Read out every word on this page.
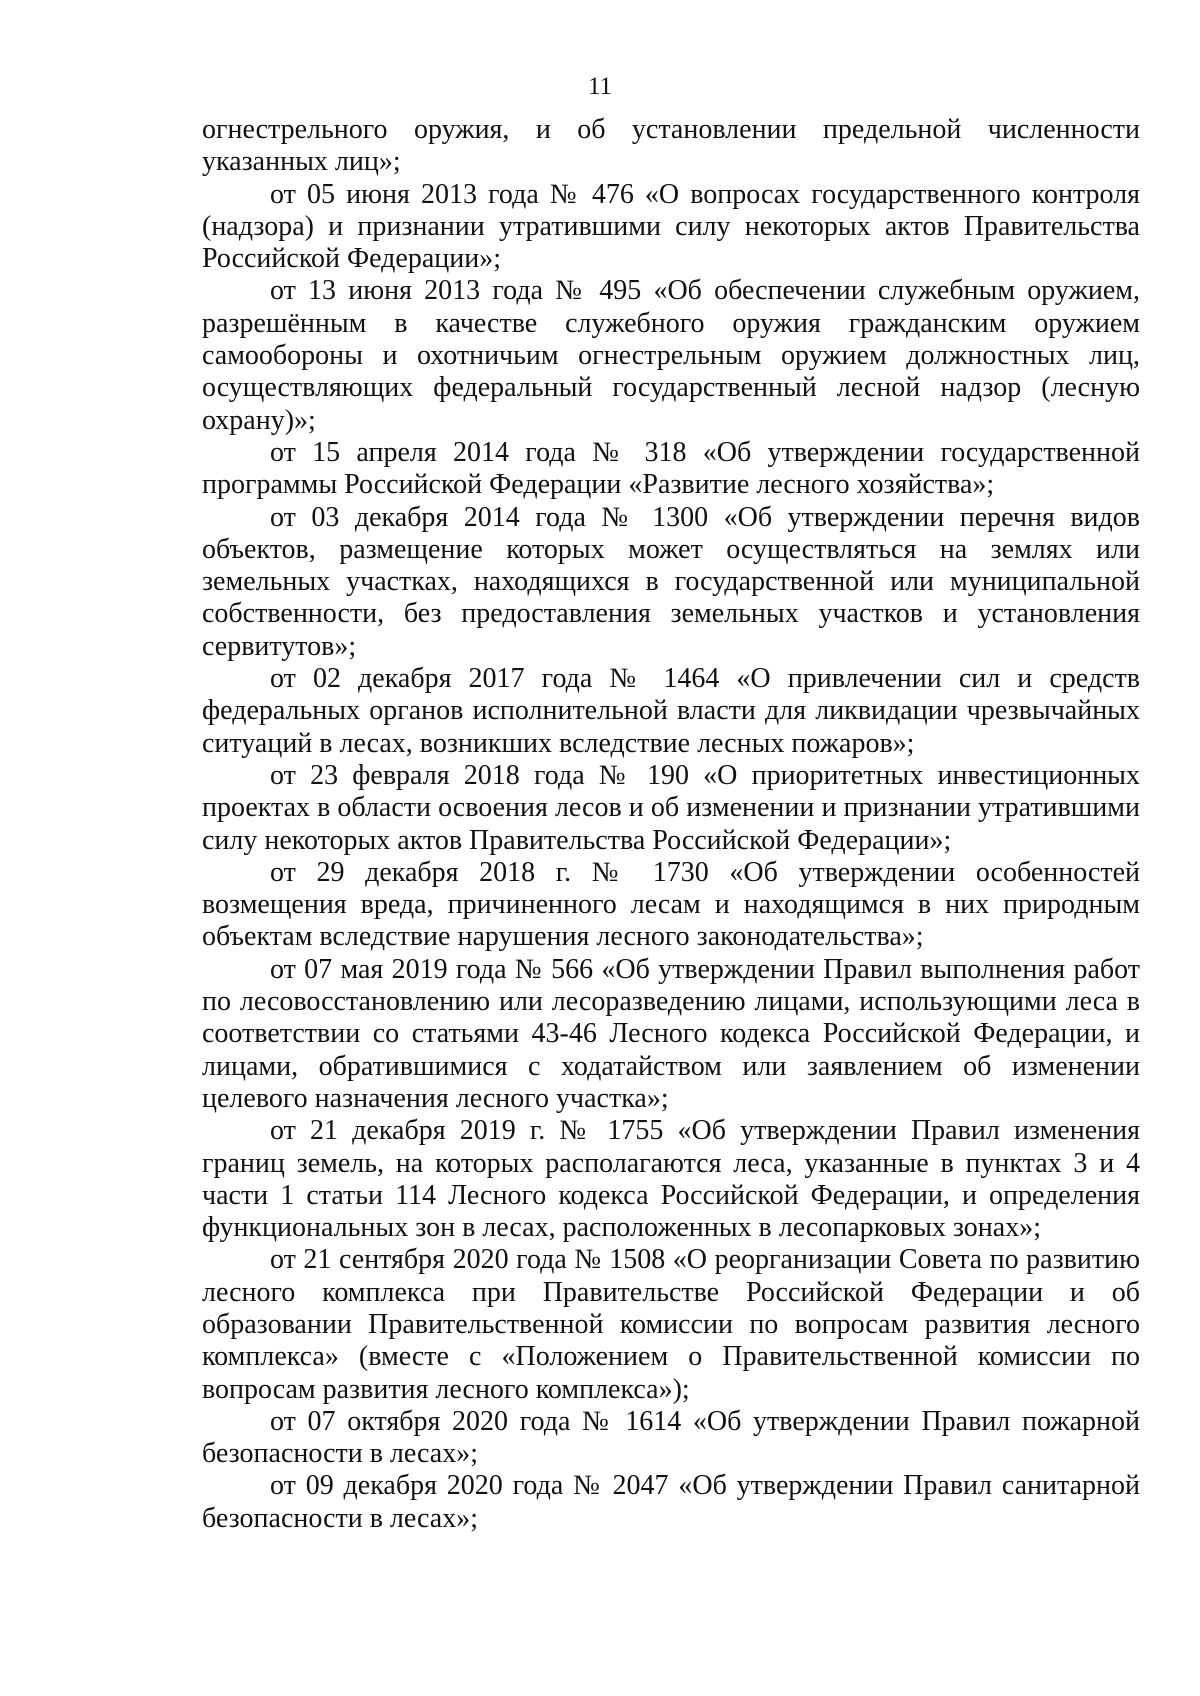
11

огнестрельного оружия, и об установлении предельной численности указанных лиц»;

от 05 июня 2013 года № 476 «О вопросах государственного контроля (надзора) и признании утратившими силу некоторых актов Правительства Российской Федерации»;

от 13 июня 2013 года № 495 «Об обеспечении служебным оружием, разрешённым в качестве служебного оружия гражданским оружием самообороны и охотничьим огнестрельным оружием должностных лиц, осуществляющих федеральный государственный лесной надзор (лесную охрану)»;

от 15 апреля 2014 года № 318 «Об утверждении государственной программы Российской Федерации «Развитие лесного хозяйства»;

от 03 декабря 2014 года № 1300 «Об утверждении перечня видов объектов, размещение которых может осуществляться на землях или земельных участках, находящихся в государственной или муниципальной собственности, без предоставления земельных участков и установления сервитутов»;

от 02 декабря 2017 года № 1464 «О привлечении сил и средств федеральных органов исполнительной власти для ликвидации чрезвычайных ситуаций в лесах, возникших вследствие лесных пожаров»;

от 23 февраля 2018 года № 190 «О приоритетных инвестиционных проектах в области освоения лесов и об изменении и признании утратившими силу некоторых актов Правительства Российской Федерации»;

от 29 декабря 2018 г. № 1730 «Об утверждении особенностей возмещения вреда, причиненного лесам и находящимся в них природным объектам вследствие нарушения лесного законодательства»;

от 07 мая 2019 года № 566 «Об утверждении Правил выполнения работ по лесовосстановлению или лесоразведению лицами, использующими леса в соответствии со статьями 43-46 Лесного кодекса Российской Федерации, и лицами, обратившимися с ходатайством или заявлением об изменении целевого назначения лесного участка»;

от 21 декабря 2019 г. № 1755 «Об утверждении Правил изменения границ земель, на которых располагаются леса, указанные в пунктах 3 и 4 части 1 статьи 114 Лесного кодекса Российской Федерации, и определения функциональных зон в лесах, расположенных в лесопарковых зонах»;

от 21 сентября 2020 года № 1508 «О реорганизации Совета по развитию лесного комплекса при Правительстве Российской Федерации и об образовании Правительственной комиссии по вопросам развития лесного комплекса» (вместе с «Положением о Правительственной комиссии по вопросам развития лесного комплекса»);

от 07 октября 2020 года № 1614 «Об утверждении Правил пожарной безопасности в лесах»;

от 09 декабря 2020 года № 2047 «Об утверждении Правил санитарной безопасности в лесах»;
